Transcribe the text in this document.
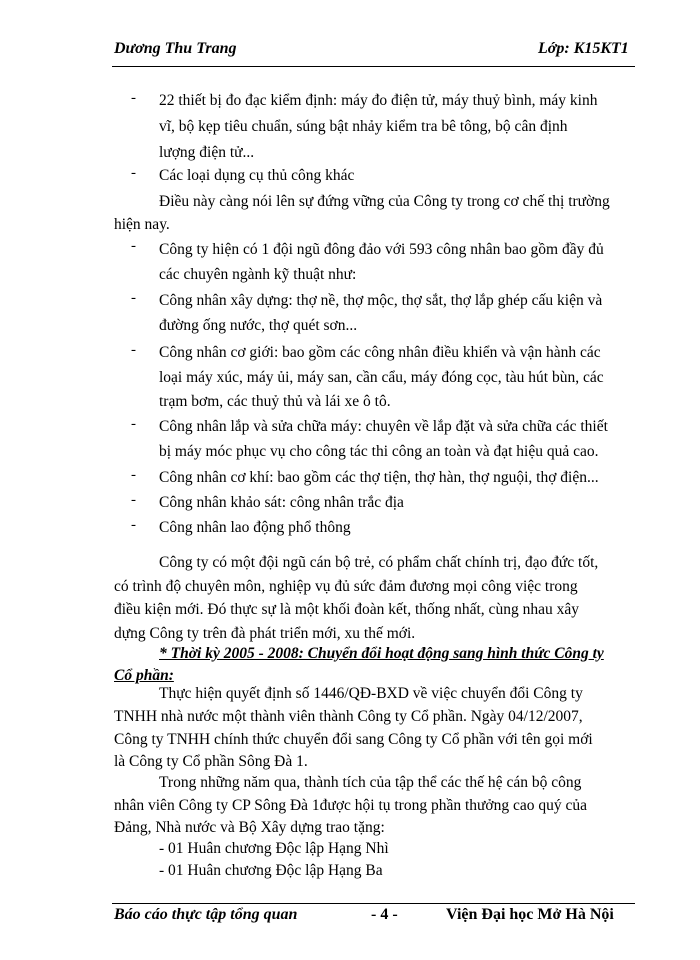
Dương Thu Trang	Lớp: K15KT1
- 22 thiết bị đo đạc kiểm định: máy đo điện tử, máy thuỷ bình, máy kinh
vĩ, bộ kẹp tiêu chuẩn, súng bật nhảy kiểm tra bê tông, bộ cân định
lượng điện tử...
- Các loại dụng cụ thủ công khác
Điều này càng nói lên sự đứng vững của Công ty trong cơ chế thị trường
hiện nay.
- Công ty hiện có 1 đội ngũ đông đảo với 593 công nhân bao gồm đầy đủ
các chuyên ngành kỹ thuật như:
- Công nhân xây dựng: thợ nề, thợ mộc, thợ sắt, thợ lắp ghép cấu kiện và
đường ống nước, thợ quét sơn...
- Công nhân cơ giới: bao gồm các công nhân điều khiển và vận hành các
loại máy xúc, máy ủi, máy san, cần cẩu, máy đóng cọc, tàu hút bùn, các
trạm bơm, các thuỷ thủ và lái xe ô tô.
- Công nhân lắp và sửa chữa máy: chuyên về lắp đặt và sửa chữa các thiết
bị máy móc phục vụ cho công tác thi công an toàn và đạt hiệu quả cao.
- Công nhân cơ khí: bao gồm các thợ tiện, thợ hàn, thợ nguội, thợ điện...
- Công nhân khảo sát: công nhân trắc địa
- Công nhân lao động phổ thông
Công ty có một đội ngũ cán bộ trẻ, có phẩm chất chính trị, đạo đức tốt,
có trình độ chuyên môn, nghiệp vụ đủ sức đảm đương mọi công việc trong
điều kiện mới. Đó thực sự là một khối đoàn kết, thống nhất, cùng nhau xây
dựng Công ty trên đà phát triển mới, xu thế mới.
* Thời kỳ 2005 - 2008: Chuyển đổi hoạt động sang hình thức Công ty
Cổ phần:
Thực hiện quyết định số 1446/QĐ-BXD về việc chuyển đổi Công ty
TNHH nhà nước một thành viên thành Công ty Cổ phần. Ngày 04/12/2007,
Công ty TNHH chính thức chuyển đổi sang Công ty Cổ phần với tên gọi mới
là Công ty Cổ phần Sông Đà 1.
Trong những năm qua, thành tích của tập thể các thế hệ cán bộ công
nhân viên Công ty CP Sông Đà 1được hội tụ trong phần thưởng cao quý của
Đảng, Nhà nước và Bộ Xây dựng trao tặng:
- 01 Huân chương Độc lập Hạng Nhì
- 01 Huân chương Độc lập Hạng Ba
Báo cáo thực tập tổng quan	- 4 -	Viện Đại học Mở Hà Nội
